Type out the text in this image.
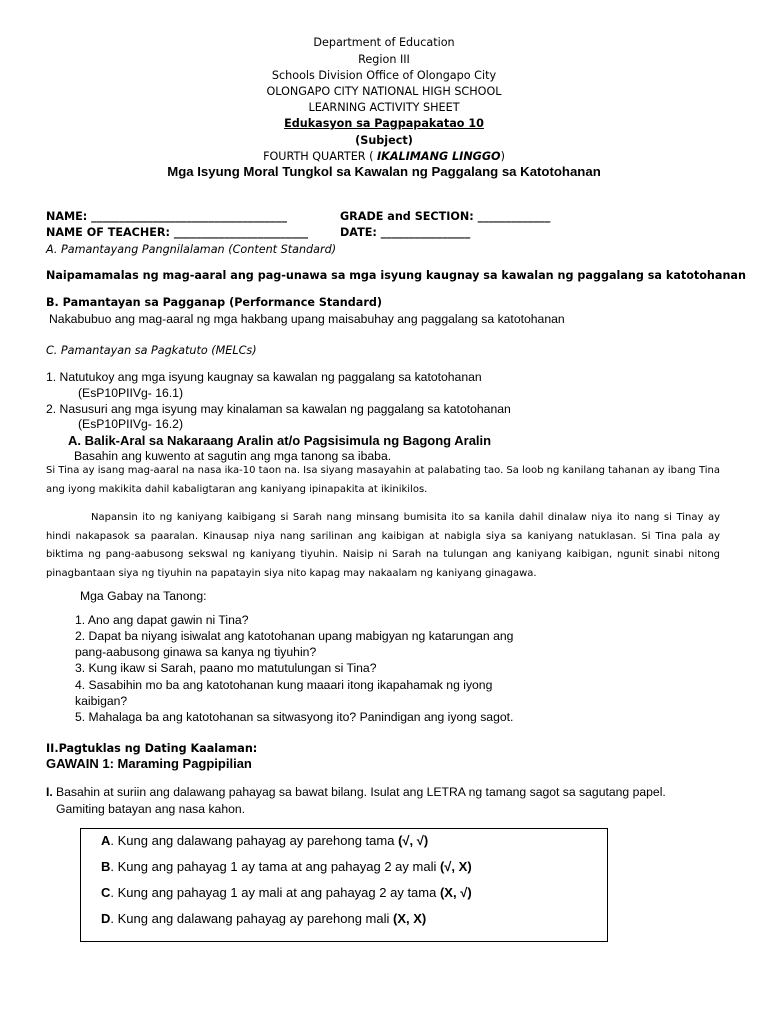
Department of Education
Region III
Schools Division Office of Olongapo City
OLONGAPO CITY NATIONAL HIGH SCHOOL
LEARNING ACTIVITY SHEET
Edukasyon sa Pagpapakatao 10
(Subject)
FOURTH QUARTER ( IKALIMANG LINGGO)
Mga Isyung Moral Tungkol sa Kawalan ng Paggalang sa Katotohanan
NAME: ___________________________________	GRADE and SECTION: _____________
NAME OF TEACHER: ________________________	DATE: ________________
A. Pamantayang Pangnilalaman (Content Standard)
Naipamamalas ng mag-aaral ang pag-unawa sa mga isyung kaugnay sa kawalan ng paggalang sa katotohanan
B. Pamantayan sa Pagganap (Performance Standard)
Nakabubuo ang mag-aaral ng mga hakbang upang maisabuhay ang paggalang sa katotohanan
C. Pamantayan sa Pagkatuto (MELCs)
1. Natutukoy ang mga isyung kaugnay sa kawalan ng paggalang sa katotohanan
(EsP10PIIVg- 16.1)
2. Nasusuri ang mga isyung may kinalaman sa kawalan ng paggalang sa katotohanan
(EsP10PIIVg- 16.2)
A. Balik-Aral sa Nakaraang Aralin at/o Pagsisimula ng Bagong Aralin
Basahin ang kuwento at sagutin ang mga tanong sa ibaba.
Si Tina ay isang mag-aaral na nasa ika-10 taon na. Isa siyang masayahin at palabating tao. Sa loob ng kanilang tahanan ay ibang Tina ang iyong makikita dahil kabaligtaran ang kaniyang ipinapakita at ikinikilos.
Napansin ito ng kaniyang kaibigang si Sarah nang minsang bumisita ito sa kanila dahil dinalaw niya ito nang si Tinay ay hindi nakapasok sa paaralan. Kinausap niya nang sarilinan ang kaibigan at nabigla siya sa kaniyang natuklasan. Si Tina pala ay biktima ng pang-aabusong sekswal ng kaniyang tiyuhin. Naisip ni Sarah na tulungan ang kaniyang kaibigan, ngunit sinabi nitong pinagbantaan siya ng tiyuhin na papatayin siya nito kapag may nakaalam ng kaniyang ginagawa.
Mga Gabay na Tanong:
1. Ano ang dapat gawin ni Tina?
2. Dapat ba niyang isiwalat ang katotohanan upang mabigyan ng katarungan ang
pang-aabusong ginawa sa kanya ng tiyuhin?
3. Kung ikaw si Sarah, paano mo matutulungan si Tina?
4. Sasabihin mo ba ang katotohanan kung maaari itong ikapahamak ng iyong
kaibigan?
5. Mahalaga ba ang katotohanan sa sitwasyong ito? Panindigan ang iyong sagot.
II.Pagtuklas ng Dating Kaalaman:
GAWAIN 1: Maraming Pagpipilian
I. Basahin at suriin ang dalawang pahayag sa bawat bilang. Isulat ang LETRA ng tamang sagot sa sagutang papel.
Gamiting batayan ang nasa kahon.
A. Kung ang dalawang pahayag ay parehong tama (√, √)
B. Kung ang pahayag 1 ay tama at ang pahayag 2 ay mali (√, X)
C. Kung ang pahayag 1 ay mali at ang pahayag 2 ay tama (X, √)
D. Kung ang dalawang pahayag ay parehong mali (X, X)
